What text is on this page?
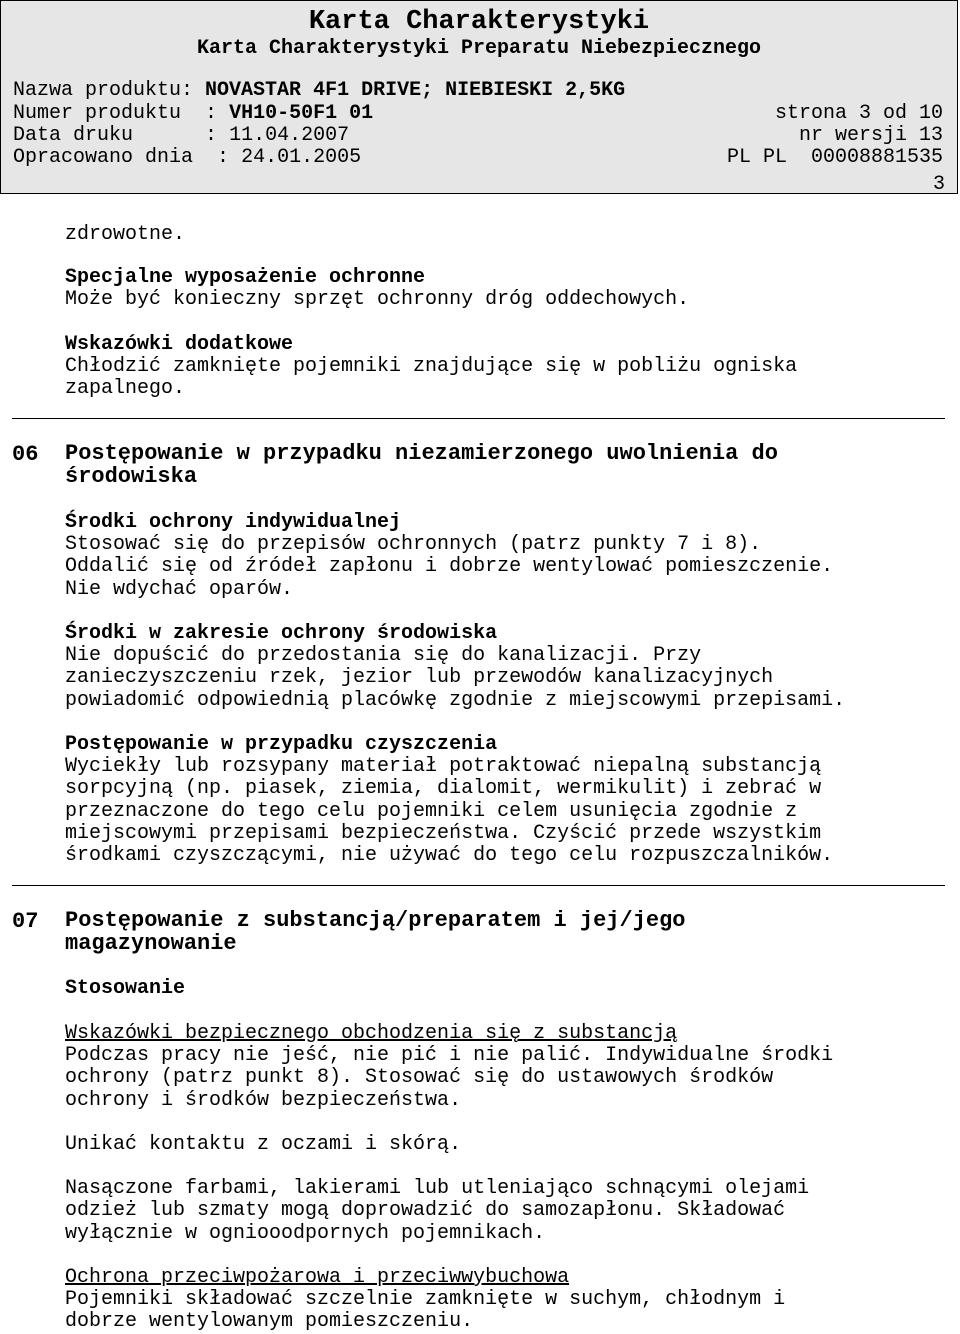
Karta Charakterystyki
Karta Charakterystyki Preparatu Niebezpiecznego
Nazwa produktu: NOVASTAR 4F1 DRIVE; NIEBIESKI 2,5KG
Numer produktu  : VH10-50F1 01	strona 3 od 10
Data druku      : 11.04.2007	nr wersji 13
Opracowano dnia  : 24.01.2005	PL PL  00008881535
3
zdrowotne.
Specjalne wyposażenie ochronne
Może być konieczny sprzęt ochronny dróg oddechowych.
Wskazówki dodatkowe
Chłodzić zamknięte pojemniki znajdujące się w pobliżu ogniska
zapalnego.
06 Postępowanie w przypadku niezamierzonego uwolnienia do
środowiska
Środki ochrony indywidualnej
Stosować się do przepisów ochronnych (patrz punkty 7 i 8).
Oddalić się od źródeł zapłonu i dobrze wentylować pomieszczenie.
Nie wdychać oparów.
Środki w zakresie ochrony środowiska
Nie dopuścić do przedostania się do kanalizacji. Przy
zanieczyszczeniu rzek, jezior lub przewodów kanalizacyjnych
powiadomić odpowiednią placówkę zgodnie z miejscowymi przepisami.
Postępowanie w przypadku czyszczenia
Wyciekły lub rozsypany materiał potraktować niepalną substancją
sorpcyjną (np. piasek, ziemia, dialomit, wermikulit) i zebrać w
przeznaczone do tego celu pojemniki celem usunięcia zgodnie z
miejscowymi przepisami bezpieczeństwa. Czyścić przede wszystkim
środkami czyszczącymi, nie używać do tego celu rozpuszczalników.
07 Postępowanie z substancją/preparatem i jej/jego
magazynowanie
Stosowanie
Wskazówki bezpiecznego obchodzenia się z substancją
Podczas pracy nie jeść, nie pić i nie palić. Indywidualne środki
ochrony (patrz punkt 8). Stosować się do ustawowych środków
ochrony i środków bezpieczeństwa.
Unikać kontaktu z oczami i skórą.
Nasączone farbami, lakierami lub utleniająco schnącymi olejami
odzież lub szmaty mogą doprowadzić do samozapłonu. Składować
wyłącznie w ogniooodpornych pojemnikach.
Ochrona przeciwpożarowa i przeciwwybuchowa
Pojemniki składować szczelnie zamknięte w suchym, chłodnym i
dobrze wentylowanym pomieszczeniu.
